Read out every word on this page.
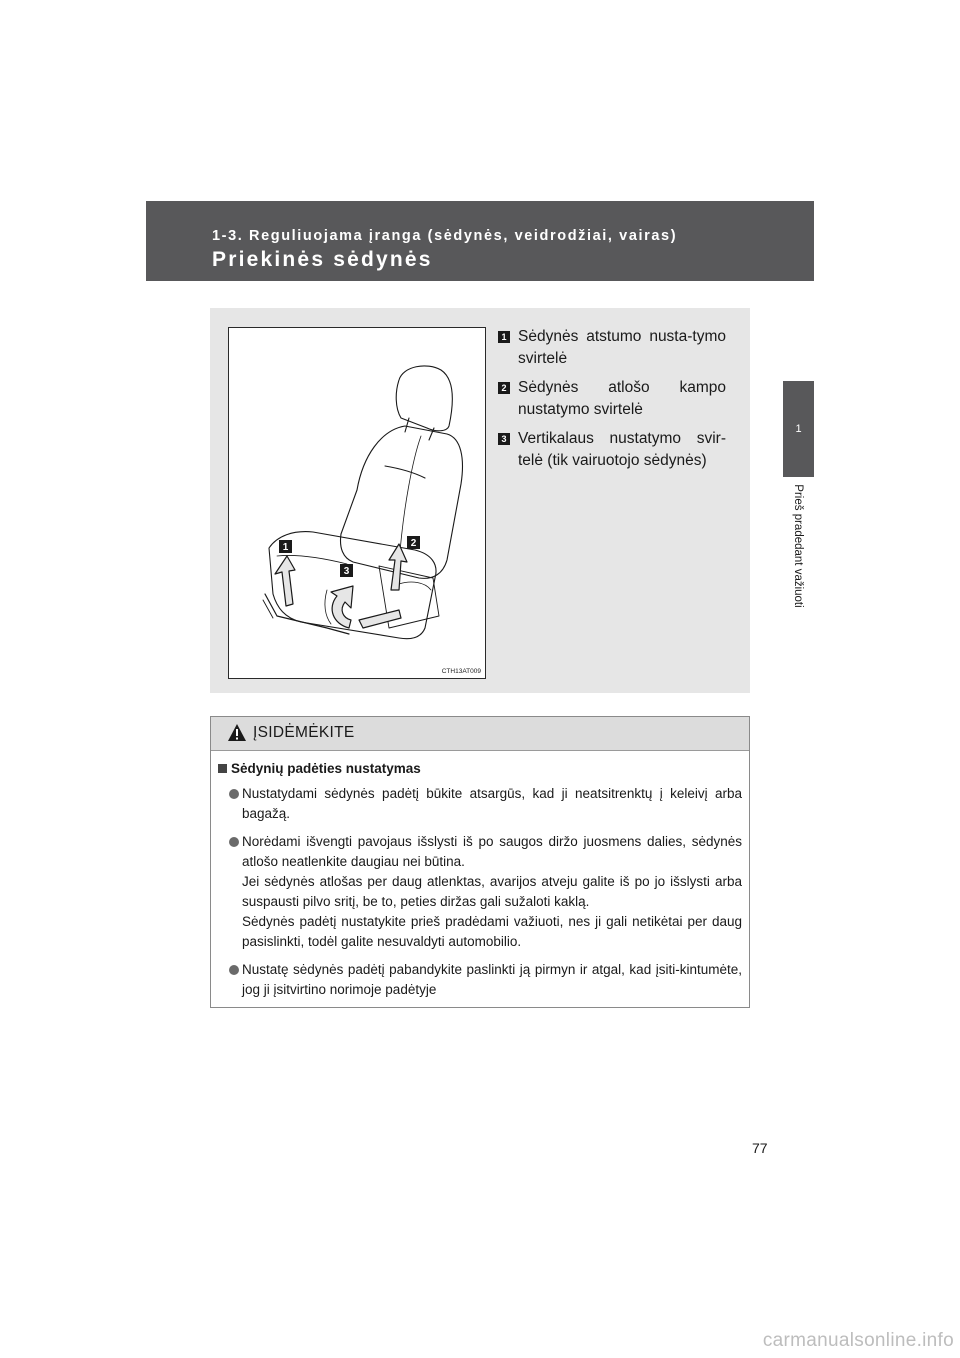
1-3. Reguliuojama įranga (sėdynės, veidrodžiai, vairas)
Priekinės sėdynės
1
Prieš pradedant važiuoti
1	2
3
CTH13AT009
1 Sėdynės atstumo nusta-tymo svirtelė
2 Sėdynės atlošo kampo nustatymo svirtelė
3 Vertikalaus nustatymo svir-telė (tik vairuotojo sėdynės)
ĮSIDĖMĖKITE
Sėdynių padėties nustatymas

Nustatydami sėdynės padėtį būkite atsargūs, kad ji neatsitrenktų į keleivį arba bagažą.

Norėdami išvengti pavojaus išslysti iš po saugos diržo juosmens dalies, sėdynės atlošo neatlenkite daugiau nei būtina.

Jei sėdynės atlošas per daug atlenktas, avarijos atveju galite iš po jo išslysti arba suspausti pilvo sritį, be to, peties diržas gali sužaloti kaklą.

Sėdynės padėtį nustatykite prieš pradėdami važiuoti, nes ji gali netikėtai per daug pasislinkti, todėl galite nesuvaldyti automobilio.

Nustatę sėdynės padėtį pabandykite paslinkti ją pirmyn ir atgal, kad įsiti-kintumėte, jog ji įsitvirtino norimoje padėtyje

77
carmanualsonline.info
